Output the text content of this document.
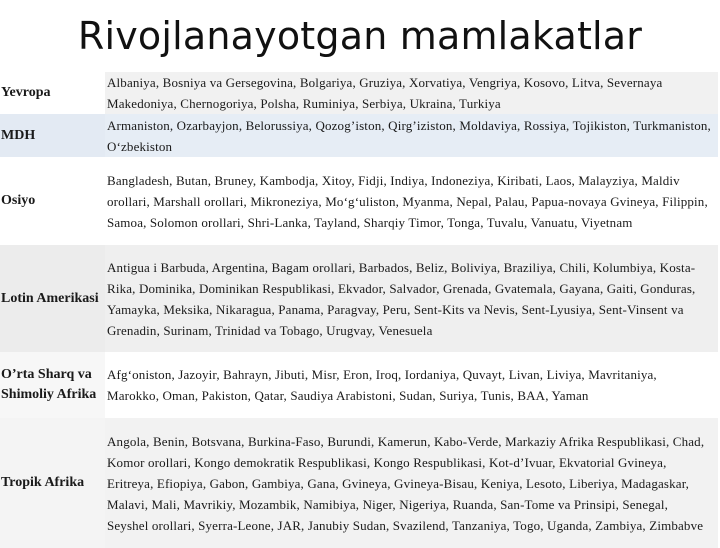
Rivojlanayotgan mamlakatlar
Yevropa	Albaniya, Bosniya va Gersegovina, Bolgariya, Gruziya, Xorvatiya, Vengriya, Kosovo, Litva, Severnaya Makedoniya, Chernogoriya, Polsha, Ruminiya, Serbiya, Ukraina, Turkiya
MDH	Armaniston, Ozarbayjon, Belorussiya, Qozog’iston, Qirg’iziston, Moldaviya, Rossiya, Tojikiston, Turkmaniston, O‘zbekiston
Osiyo	Bangladesh, Butan, Bruney, Kambodja, Xitoy, Fidji, Indiya, Indoneziya, Kiribati, Laos, Malayziya, Maldiv orollari, Marshall orollari, Mikroneziya, Mo‘g‘uliston, Myanma, Nepal, Palau, Papua-novaya Gvineya, Filippin, Samoa, Solomon orollari, Shri-Lanka, Tayland, Sharqiy Timor, Tonga, Tuvalu, Vanuatu, Viyetnam
Lotin Amerikasi	Antigua i Barbuda, Argentina, Bagam orollari, Barbados, Beliz, Boliviya, Braziliya, Chili, Kolumbiya, Kosta-Rika, Dominika, Dominikan Respublikasi, Ekvador, Salvador, Grenada, Gvatemala, Gayana, Gaiti, Gonduras, Yamayka, Meksika, Nikaragua, Panama, Paragvay, Peru, Sent-Kits va Nevis, Sent-Lyusiya, Sent-Vinsent va Grenadin, Surinam, Trinidad va Tobago, Urugvay, Venesuela
O’rta Sharq va Shimoliy Afrika	Afg‘oniston, Jazoyir, Bahrayn, Jibuti, Misr, Eron, Iroq, Iordaniya, Quvayt, Livan, Liviya, Mavritaniya, Marokko, Oman, Pakiston, Qatar, Saudiya Arabistoni, Sudan, Suriya, Tunis, BAA, Yaman
Tropik Afrika	Angola, Benin, Botsvana, Burkina-Faso, Burundi, Kamerun, Kabo-Verde, Markaziy Afrika Respublikasi, Chad, Komor orollari, Kongo demokratik Respublikasi, Kongo Respublikasi, Kot-d’Ivuar, Ekvatorial Gvineya, Eritreya, Efiopiya, Gabon, Gambiya, Gana, Gvineya, Gvineya-Bisau, Keniya, Lesoto, Liberiya, Madagaskar, Malavi, Mali, Mavrikiy, Mozambik, Namibiya, Niger, Nigeriya, Ruanda, San-Tome va Prinsipi, Senegal, Seyshel orollari, Syerra-Leone, JAR, Janubiy Sudan, Svazilend, Tanzaniya, Togo, Uganda, Zambiya, Zimbabve
